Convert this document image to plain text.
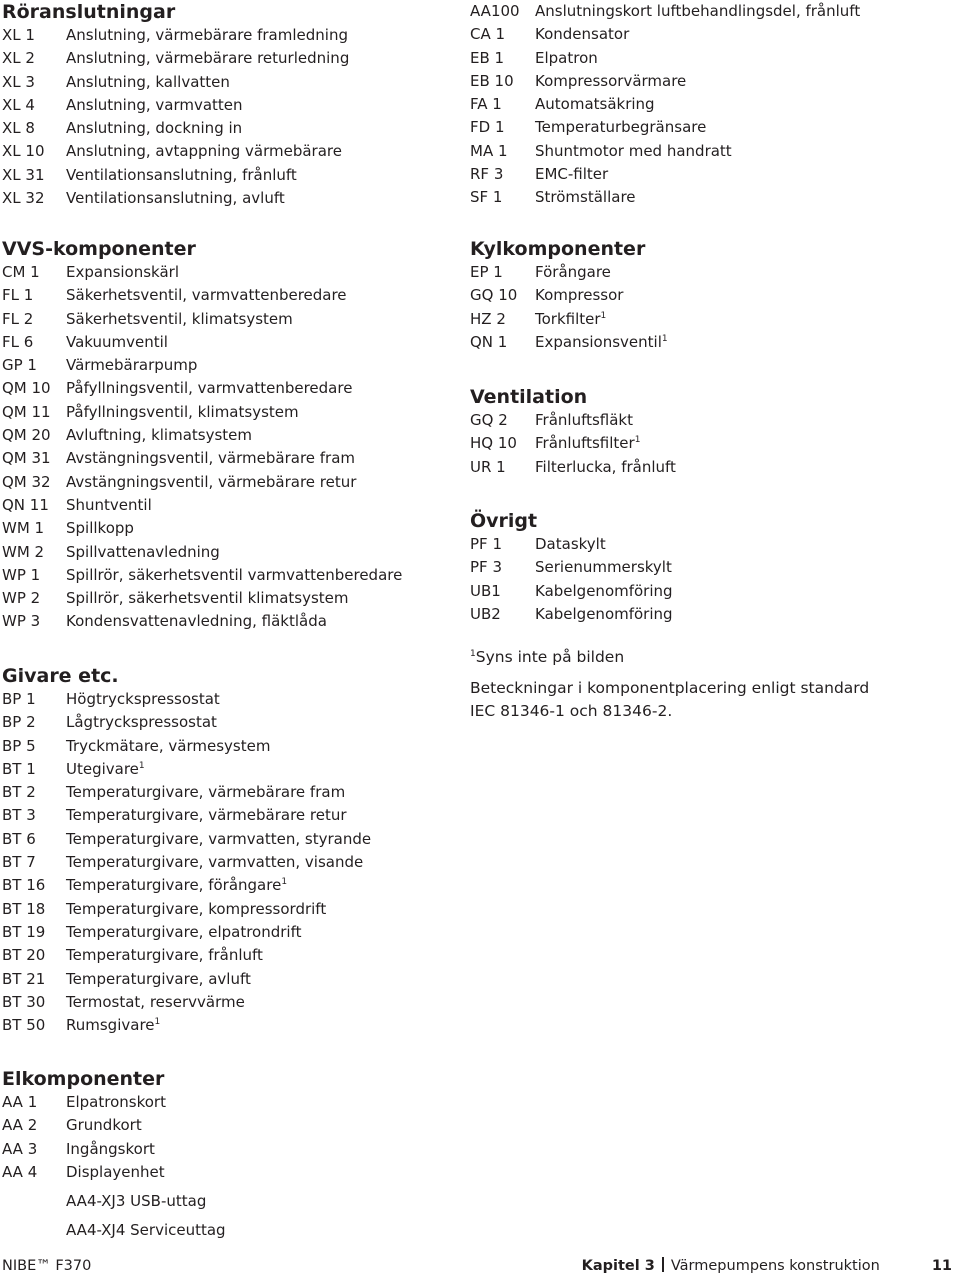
Röranslutningar
XL 1 Anslutning, värmebärare framledning
XL 2 Anslutning, värmebärare returledning
XL 3 Anslutning, kallvatten
XL 4 Anslutning, varmvatten
XL 8 Anslutning, dockning in
XL 10 Anslutning, avtappning värmebärare
XL 31 Ventilationsanslutning, frånluft
XL 32 Ventilationsanslutning, avluft
VVS-komponenter
CM 1 Expansionskärl
FL 1 Säkerhetsventil, varmvattenberedare
FL 2 Säkerhetsventil, klimatsystem
FL 6 Vakuumventil
GP 1 Värmebärarpump
QM 10 Påfyllningsventil, varmvattenberedare
QM 11 Påfyllningsventil, klimatsystem
QM 20 Avluftning, klimatsystem
QM 31 Avstängningsventil, värmebärare fram
QM 32 Avstängningsventil, värmebärare retur
QN 11 Shuntventil
WM 1 Spillkopp
WM 2 Spillvattenavledning
WP 1 Spillrör, säkerhetsventil varmvattenberedare
WP 2 Spillrör, säkerhetsventil klimatsystem
WP 3 Kondensvattenavledning, fläktlåda
Givare etc.
BP 1 Högtryckspressostat
BP 2 Lågtryckspressostat
BP 5 Tryckmätare, värmesystem
BT 1 Utegivare$^1$
BT 2 Temperaturgivare, värmebärare fram
BT 3 Temperaturgivare, värmebärare retur
BT 6 Temperaturgivare, varmvatten, styrande
BT 7 Temperaturgivare, varmvatten, visande
BT 16 Temperaturgivare, förångare$^1$
BT 18 Temperaturgivare, kompressordrift
BT 19 Temperaturgivare, elpatrondrift
BT 20 Temperaturgivare, frånluft
BT 21 Temperaturgivare, avluft
BT 30 Termostat, reservvärme
BT 50 Rumsgivare$^1$
Elkomponenter
AA 1 Elpatronskort
AA 2 Grundkort
AA 3 Ingångskort
AA 4 Displayenhet
AA4-XJ3 USB-uttag
AA4-XJ4 Serviceuttag
AA100 Anslutningskort luftbehandlingsdel, frånluft
CA 1 Kondensator
EB 1 Elpatron
EB 10 Kompressorvärmare
FA 1 Automatsäkring
FD 1 Temperaturbegränsare
MA 1 Shuntmotor med handratt
RF 3 EMC-filter
SF 1 Strömställare
Kylkomponenter
EP 1 Förångare
GQ 10 Kompressor
HZ 2 Torkfilter$^1$
QN 1 Expansionsventil$^1$
Ventilation
GQ 2 Frånluftsfläkt
HQ 10 Frånluftsfilter$^1$
UR 1 Filterlucka, frånluft
Övrigt
PF 1 Dataskylt
PF 3 Serienummerskylt
UB1 Kabelgenomföring
UB2 Kabelgenomföring
$^1$Syns inte på bilden
Beteckningar i komponentplacering enligt standard IEC 81346-1 och 81346-2.
NIBE™ F370	Kapitel 3 Värmepumpens konstruktion	11
